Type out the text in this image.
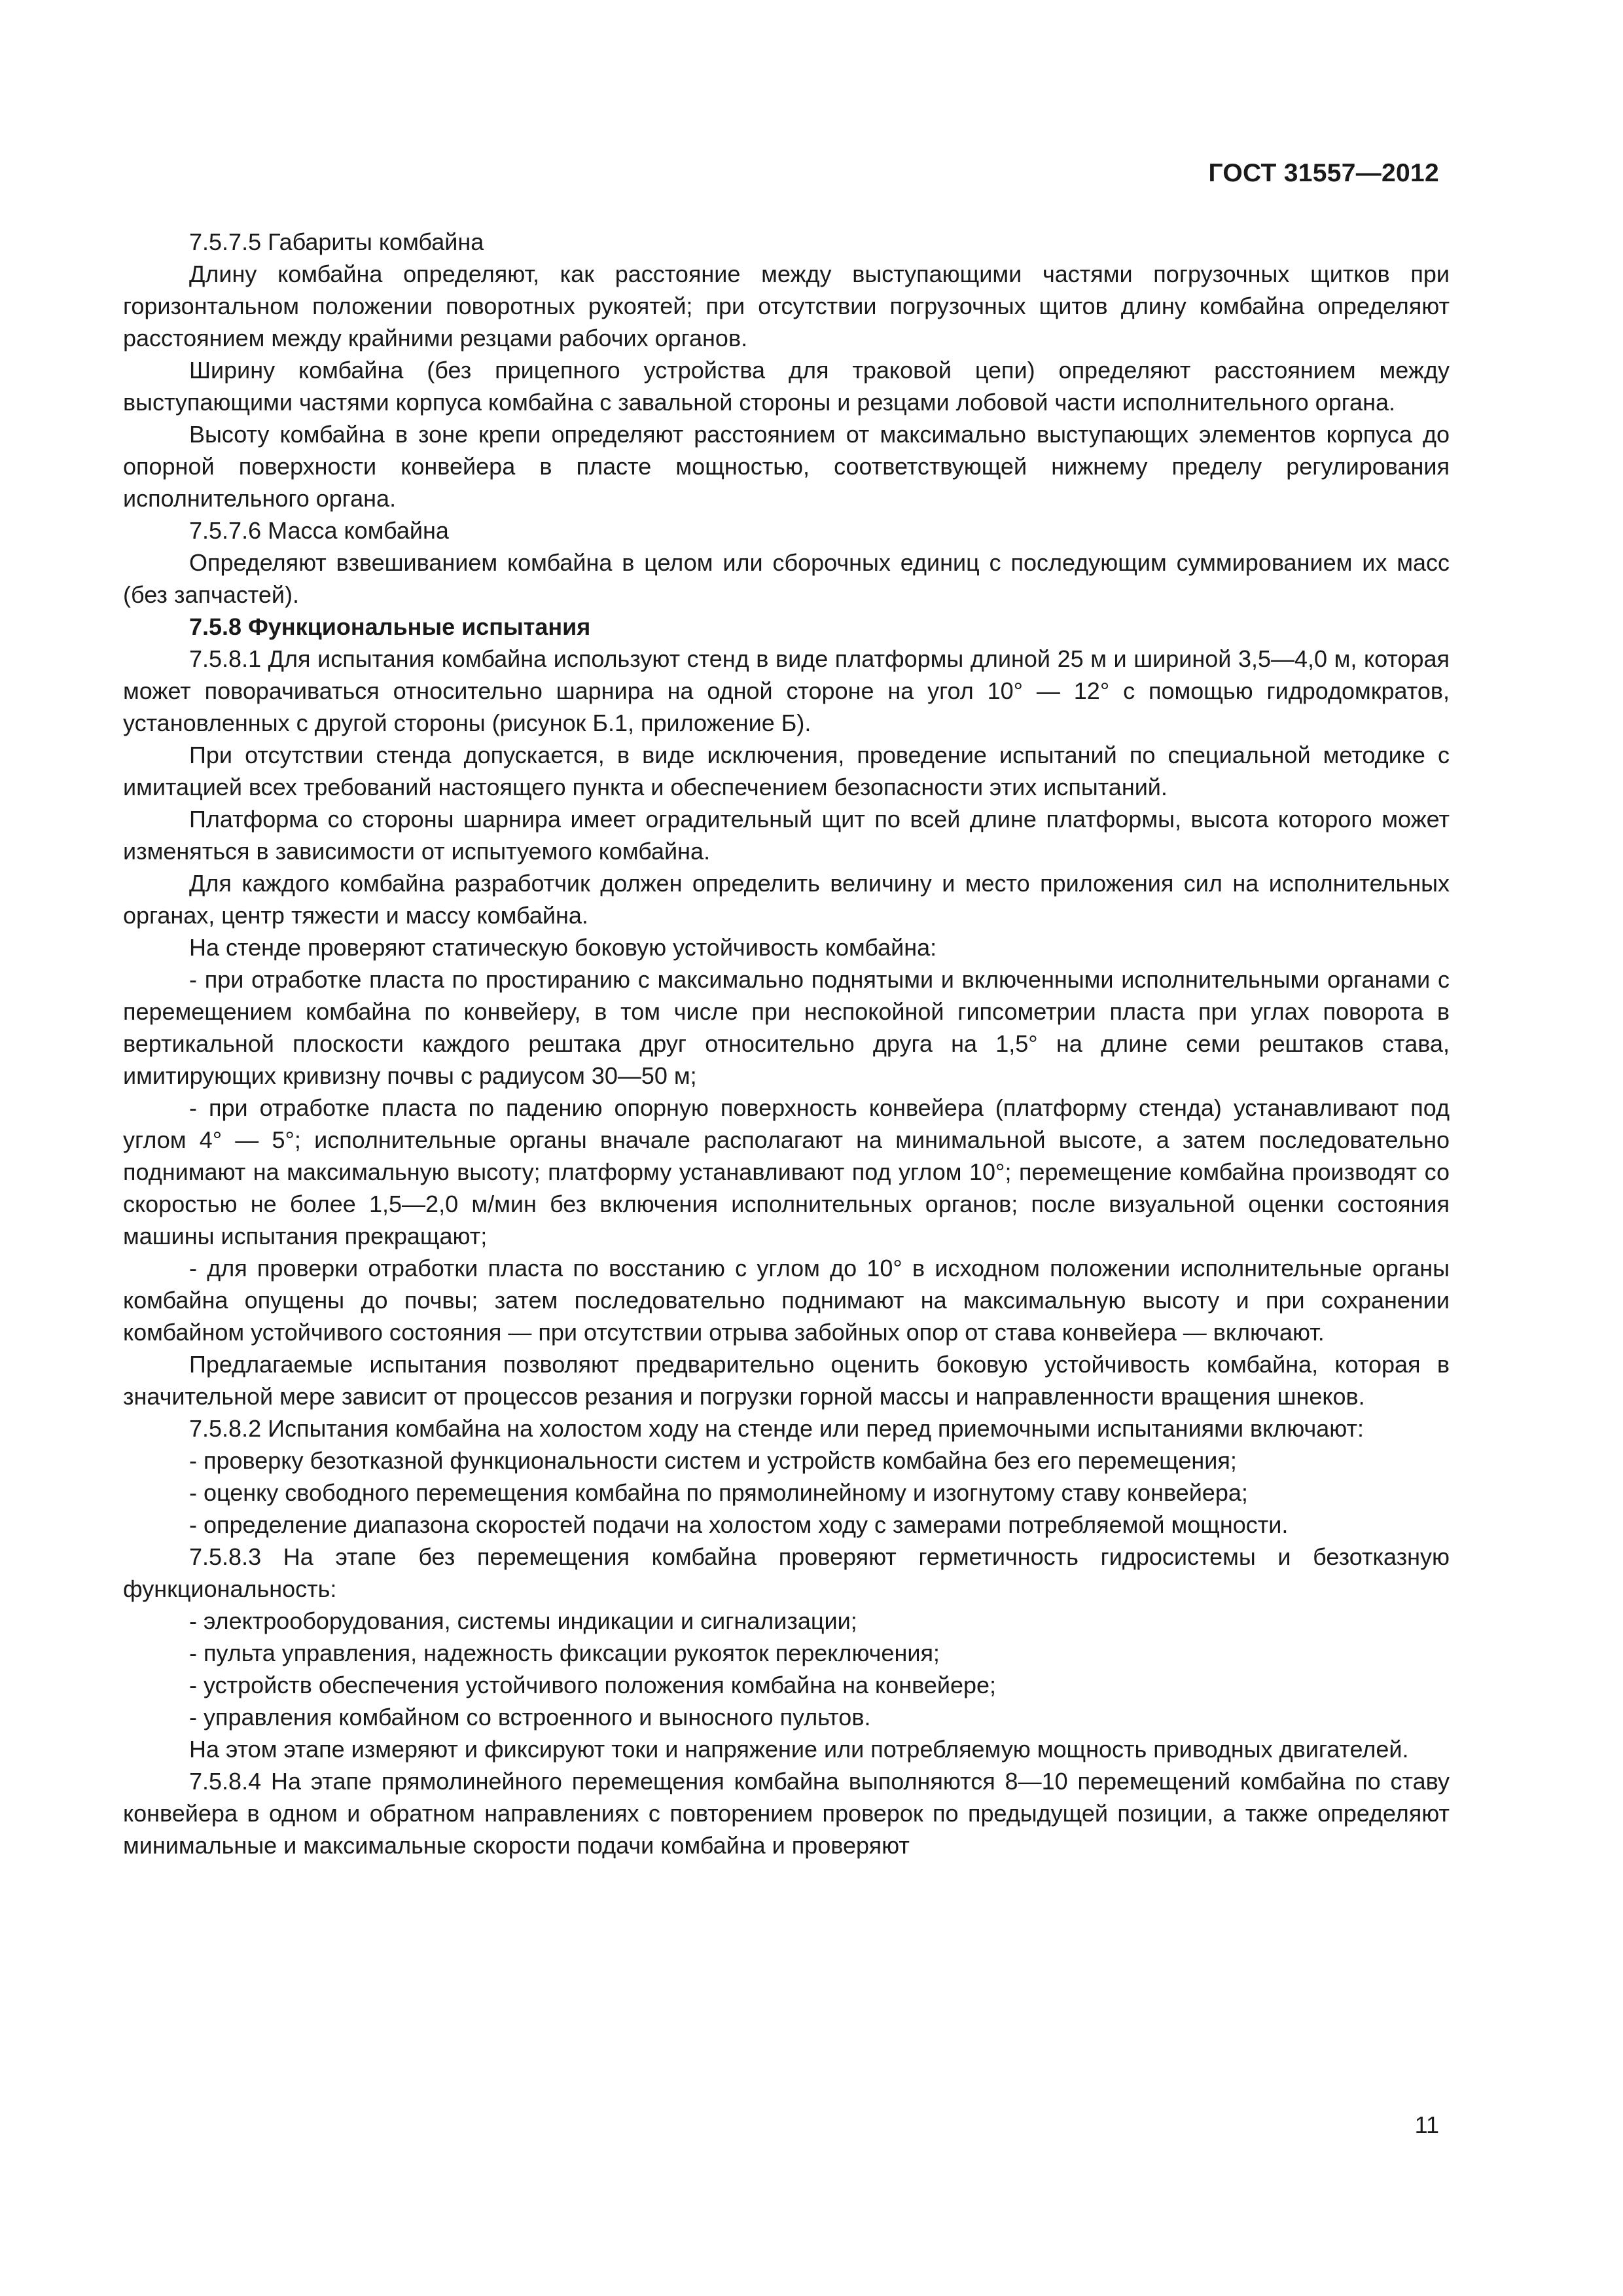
ГОСТ 31557—2012

7.5.7.5 Габариты комбайна

Длину комбайна определяют, как расстояние между выступающими частями погрузочных щитков при горизонтальном положении поворотных рукоятей; при отсутствии погрузочных щитов длину комбайна определяют расстоянием между крайними резцами рабочих органов.

Ширину комбайна (без прицепного устройства для траковой цепи) определяют расстоянием между выступающими частями корпуса комбайна с завальной стороны и резцами лобовой части исполнительного органа.

Высоту комбайна в зоне крепи определяют расстоянием от максимально выступающих элементов корпуса до опорной поверхности конвейера в пласте мощностью, соответствующей нижнему пределу регулирования исполнительного органа.

7.5.7.6 Масса комбайна

Определяют взвешиванием комбайна в целом или сборочных единиц с последующим суммированием их масс (без запчастей).

7.5.8 Функциональные испытания

7.5.8.1 Для испытания комбайна используют стенд в виде платформы длиной 25 м и шириной 3,5—4,0 м, которая может поворачиваться относительно шарнира на одной стороне на угол 10° — 12° с помощью гидродомкратов, установленных с другой стороны (рисунок Б.1, приложение Б).

При отсутствии стенда допускается, в виде исключения, проведение испытаний по специальной методике с имитацией всех требований настоящего пункта и обеспечением безопасности этих испытаний.

Платформа со стороны шарнира имеет оградительный щит по всей длине платформы, высота которого может изменяться в зависимости от испытуемого комбайна.

Для каждого комбайна разработчик должен определить величину и место приложения сил на исполнительных органах, центр тяжести и массу комбайна.

На стенде проверяют статическую боковую устойчивость комбайна:

- при отработке пласта по простиранию с максимально поднятыми и включенными исполнительными органами с перемещением комбайна по конвейеру, в том числе при неспокойной гипсометрии пласта при углах поворота в вертикальной плоскости каждого рештака друг относительно друга на 1,5° на длине семи рештаков става, имитирующих кривизну почвы с радиусом 30—50 м;

- при отработке пласта по падению опорную поверхность конвейера (платформу стенда) устанавливают под углом 4° — 5°; исполнительные органы вначале располагают на минимальной высоте, а затем последовательно поднимают на максимальную высоту; платформу устанавливают под углом 10°; перемещение комбайна производят со скоростью не более 1,5—2,0 м/мин без включения исполнительных органов; после визуальной оценки состояния машины испытания прекращают;

- для проверки отработки пласта по восстанию с углом до 10° в исходном положении исполнительные органы комбайна опущены до почвы; затем последовательно поднимают на максимальную высоту и при сохранении комбайном устойчивого состояния — при отсутствии отрыва забойных опор от става конвейера — включают.

Предлагаемые испытания позволяют предварительно оценить боковую устойчивость комбайна, которая в значительной мере зависит от процессов резания и погрузки горной массы и направленности вращения шнеков.

7.5.8.2 Испытания комбайна на холостом ходу на стенде или перед приемочными испытаниями включают:

- проверку безотказной функциональности систем и устройств комбайна без его перемещения;

- оценку свободного перемещения комбайна по прямолинейному и изогнутому ставу конвейера;

- определение диапазона скоростей подачи на холостом ходу с замерами потребляемой мощности.

7.5.8.3 На этапе без перемещения комбайна проверяют герметичность гидросистемы и безотказную функциональность:

- электрооборудования, системы индикации и сигнализации;

- пульта управления, надежность фиксации рукояток переключения;

- устройств обеспечения устойчивого положения комбайна на конвейере;

- управления комбайном со встроенного и выносного пультов.

На этом этапе измеряют и фиксируют токи и напряжение или потребляемую мощность приводных двигателей.

7.5.8.4 На этапе прямолинейного перемещения комбайна выполняются 8—10 перемещений комбайна по ставу конвейера в одном и обратном направлениях с повторением проверок по предыдущей позиции, а также определяют минимальные и максимальные скорости подачи комбайна и проверяют

11
